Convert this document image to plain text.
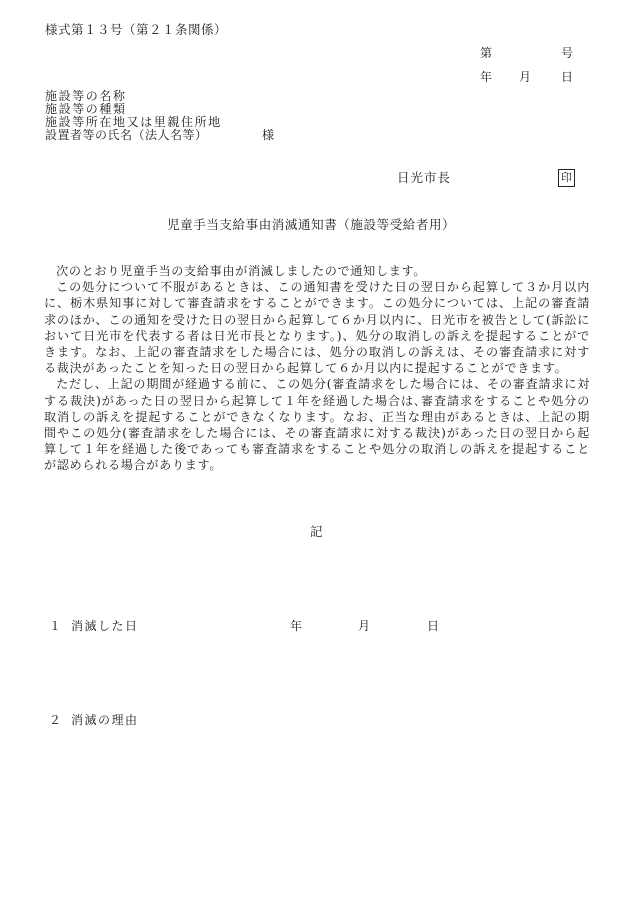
様式第１３号（第２１条関係）
第	号
年 月 日
施設等の名称
施設等の種類
施設等所在地又は里親住所地
設置者等の氏名（法人名等）	様
日光市長	印
児童手当支給事由消滅通知書（施設等受給者用）

次のとおり児童手当の支給事由が消滅しましたので通知します。

この処分について不服があるときは、この通知書を受けた日の翌日から起算して３か月以内に、栃木県知事に対して審査請求をすることができます。この処分については、上記の審査請求のほか、この通知を受けた日の翌日から起算して６か月以内に、日光市を被告として(訴訟において日光市を代表する者は日光市長となります。)、処分の取消しの訴えを提起することができます。なお、上記の審査請求をした場合には、処分の取消しの訴えは、その審査請求に対する裁決があったことを知った日の翌日から起算して６か月以内に提起することができます。

ただし、上記の期間が経過する前に、この処分(審査請求をした場合には、その審査請求に対する裁決)があった日の翌日から起算して１年を経過した場合は､審査請求をすることや処分の取消しの訴えを提起することができなくなります。なお、正当な理由があるときは、上記の期間やこの処分(審査請求をした場合には、その審査請求に対する裁決)があった日の翌日から起算して１年を経過した後であっても審査請求をすることや処分の取消しの訴えを提起することが認められる場合があります。

記
１ 消滅した日	年	月	日
２ 消滅の理由
